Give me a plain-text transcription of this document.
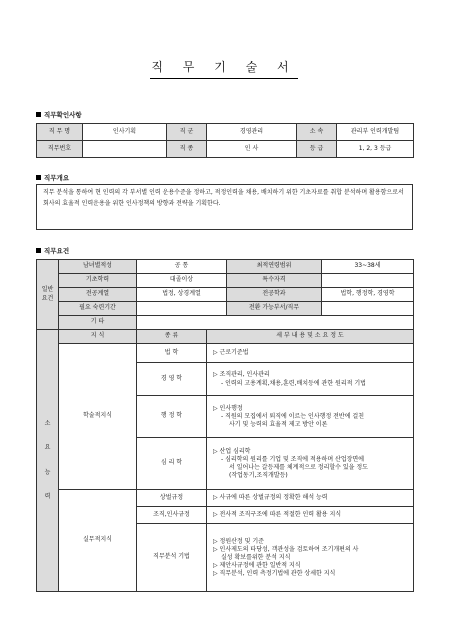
직 무 기 술 서
직무확인사항
직 무 명	인사기획	직 군	경영관리	소 속	관리부 인력개발팀
직무번호		직 종	인 사	등 급	1, 2, 3 등급
직무개요
직무 분석을 통하여 현 인력의 각 부서별 인력 운용수준을 정하고, 적정인력을 채용, 배치하기 위한 기초자료를 취합 분석하며 활용함으로서 회사의 효율적 인력운용을 위한 인사정책의 방향과 전략을 기획한다.
직무요건
일반
요건	남녀별적성	공 통		최적연령범위	33~38세
	기초학력	대졸이상		특수자격	
	전공계열	법정, 상경계열		전공학과	법학, 행정학, 경영학
	필요 숙련기간			전환 가능부서/직무	
	기 타				
소

요

능

력	지 식	종 류	세 부 내 용 및 소 요 정 도		
	학술적지식	법 학	▷ 근로기준법		

		경 영 학	▷ 조직관리, 인사관리
- 인력의 고용계획,채용,훈련,배치등에 관한 원리적 기법		

		행 정 학	▷ 인사행정
- 직원의 모집에서 퇴직에 이르는 인사행정 전반에 걸친
사기 및 능력의 효율적 제고 방안 이론		

		심 리 학	▷ 산업 심리학
- 심리학의 원리를 기업 및 조직에 적용하며 산업장면에
서 일어나는 갈등제를 체계적으로 정리할수 있을 정도
(작업동기,조직개발등)		

	실무적지식	상벌규정	▷ 사규에 따른 상벌규정의 정확한 해석 능력		

		조직,인사규정	▷ 전사적 조직구조에 따른 적절한 인력 활용 지식		

		직무분석 기법	▷ 정원산정 및 기준
▷ 인사제도의 타당성, 객관성을 검토하여 조기개편의 사
실성 확보를위한 분석 지식
▷ 제안사규정에 관한 일반적 지식
▷ 직무분석, 인력 측정기법에 관한 상세한 지식		
